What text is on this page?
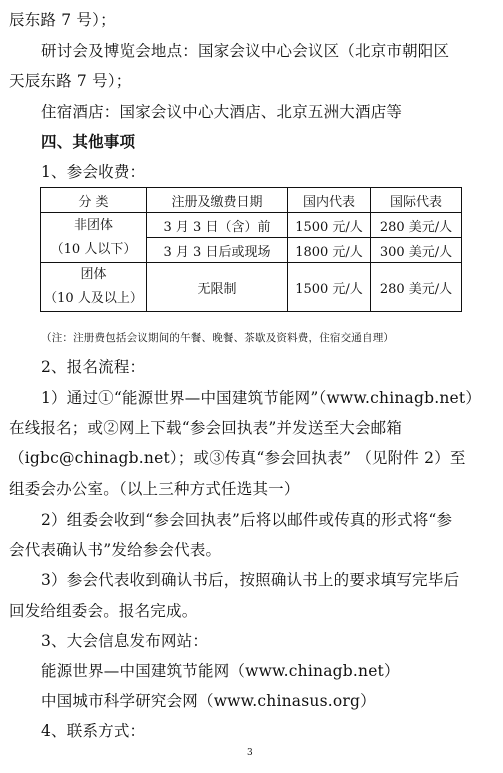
辰东路 7 号）；
研讨会及博览会地点：国家会议中心会议区（北京市朝阳区
天辰东路 7 号）；
住宿酒店：国家会议中心大酒店、北京五洲大酒店等
四、其他事项
1、参会收费：
分 类	注册及缴费日期	国内代表	国际代表

非团体
（10 人以下）	3 月 3 日（含）前	1500 元/人	280 美元/人
	3 月 3 日后或现场	1800 元/人	300 美元/人

团体
（10 人及以上）	无限制	1500 元/人	280 美元/人
（注：注册费包括会议期间的午餐、晚餐、茶歇及资料费，住宿交通自理）
2、报名流程：
1）通过①“能源世界—中国建筑节能网”（www.chinagb.net）
在线报名；或②网上下载“参会回执表”并发送至大会邮箱
（igbc@chinagb.net）；或③传真“参会回执表” （见附件 2）至
组委会办公室。（以上三种方式任选其一）
2）组委会收到“参会回执表”后将以邮件或传真的形式将“参
会代表确认书”发给参会代表。
3）参会代表收到确认书后，按照确认书上的要求填写完毕后
回发给组委会。报名完成。
3、大会信息发布网站：
能源世界—中国建筑节能网（www.chinagb.net）
中国城市科学研究会网（www.chinasus.org）
4、联系方式：
3
